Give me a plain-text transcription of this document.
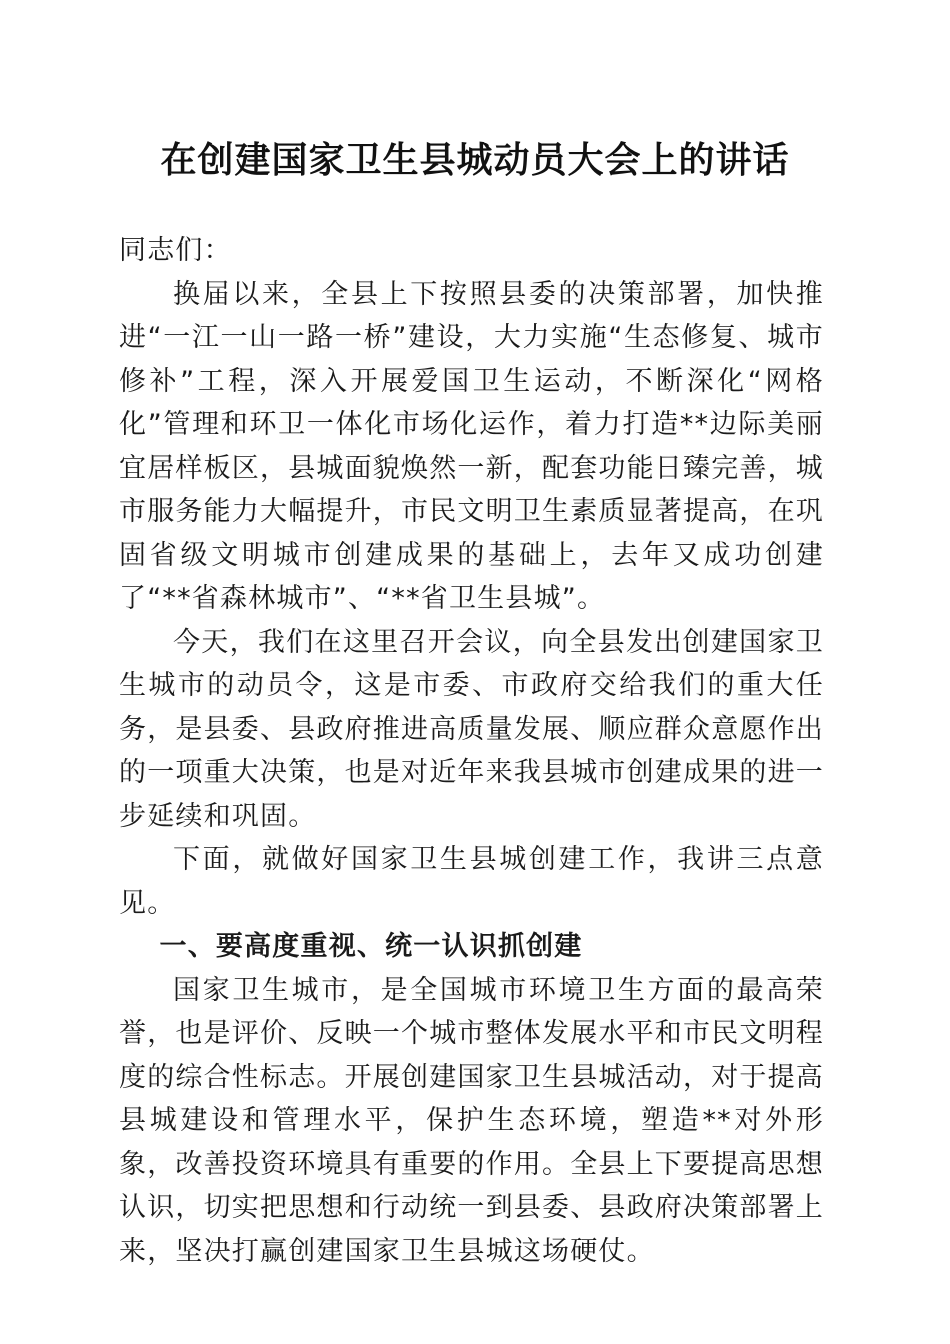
在创建国家卫生县城动员大会上的讲话

同志们：

换届以来，全县上下按照县委的决策部署，加快推进“一江一山一路一桥”建设，大力实施“生态修复、城市修补”工程，深入开展爱国卫生运动，不断深化“网格化”管理和环卫一体化市场化运作，着力打造**边际美丽宜居样板区，县城面貌焕然一新，配套功能日臻完善，城市服务能力大幅提升，市民文明卫生素质显著提高，在巩固省级文明城市创建成果的基础上，去年又成功创建了“**省森林城市”、“**省卫生县城”。

今天，我们在这里召开会议，向全县发出创建国家卫生城市的动员令，这是市委、市政府交给我们的重大任务，是县委、县政府推进高质量发展、顺应群众意愿作出的一项重大决策，也是对近年来我县城市创建成果的进一步延续和巩固。

下面，就做好国家卫生县城创建工作，我讲三点意见。

一、要高度重视、统一认识抓创建

国家卫生城市，是全国城市环境卫生方面的最高荣誉，也是评价、反映一个城市整体发展水平和市民文明程度的综合性标志。开展创建国家卫生县城活动，对于提高县城建设和管理水平，保护生态环境，塑造**对外形象，改善投资环境具有重要的作用。全县上下要提高思想认识，切实把思想和行动统一到县委、县政府决策部署上来，坚决打赢创建国家卫生县城这场硬仗。
